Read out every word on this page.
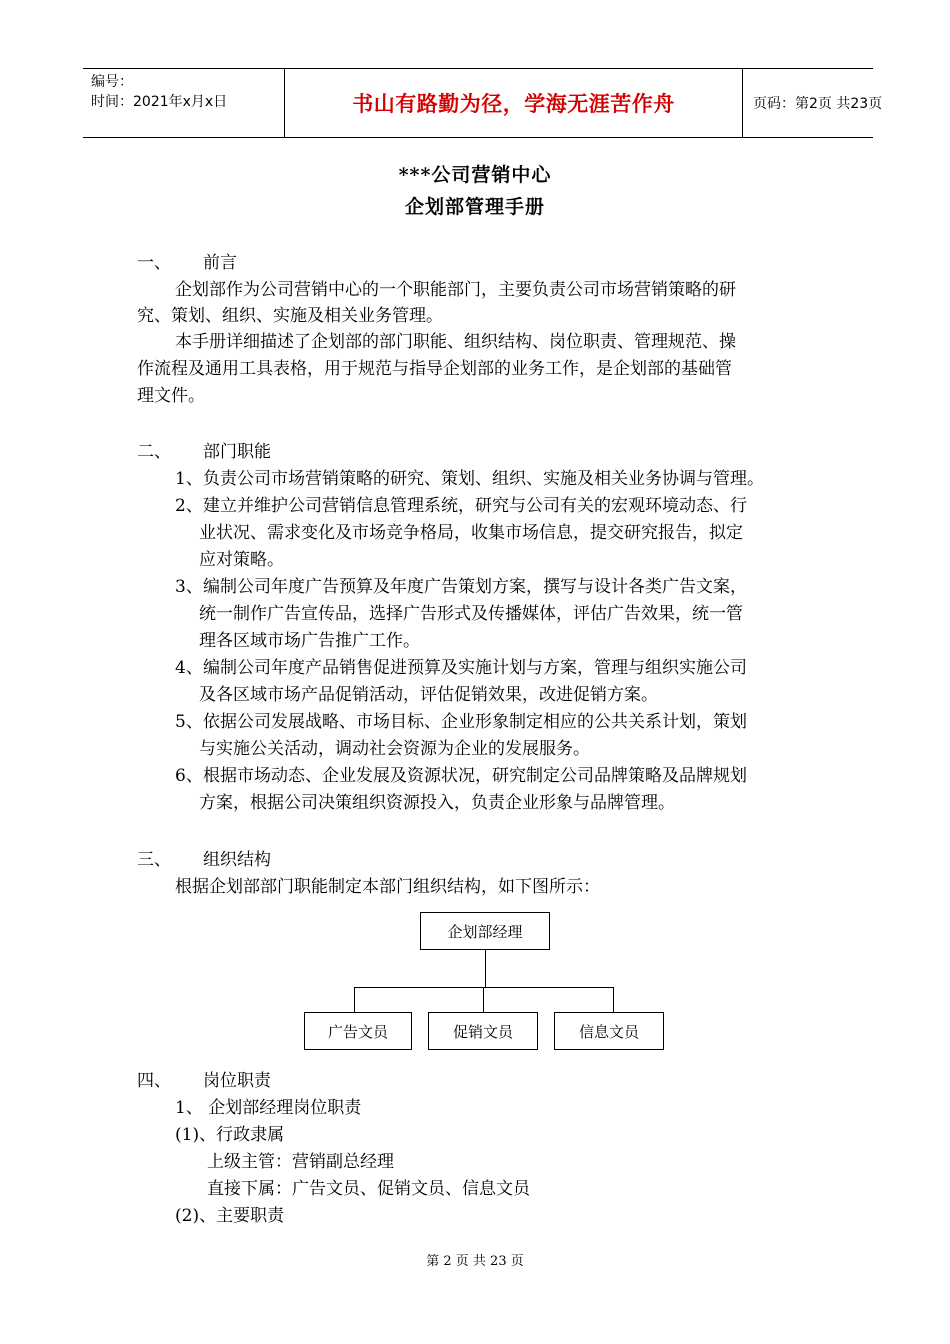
编号：
时间：2021年x月x日	书山有路勤为径，学海无涯苦作舟	页码：第2页 共23页
***公司营销中心
企划部管理手册
一、 前言
企划部作为公司营销中心的一个职能部门，主要负责公司市场营销策略的研
究、策划、组织、实施及相关业务管理。
本手册详细描述了企划部的部门职能、组织结构、岗位职责、管理规范、操
作流程及通用工具表格，用于规范与指导企划部的业务工作，是企划部的基础管
理文件。
二、 部门职能
1、 负责公司市场营销策略的研究、策划、组织、实施及相关业务协调与管理。
2、 建立并维护公司营销信息管理系统，研究与公司有关的宏观环境动态、行
业状况、需求变化及市场竞争格局，收集市场信息，提交研究报告，拟定
应对策略。
3、 编制公司年度广告预算及年度广告策划方案，撰写与设计各类广告文案，
统一制作广告宣传品，选择广告形式及传播媒体，评估广告效果，统一管
理各区域市场广告推广工作。
4、 编制公司年度产品销售促进预算及实施计划与方案，管理与组织实施公司
及各区域市场产品促销活动，评估促销效果，改进促销方案。
5、 依据公司发展战略、市场目标、企业形象制定相应的公共关系计划，策划
与实施公关活动，调动社会资源为企业的发展服务。
6、 根据市场动态、企业发展及资源状况，研究制定公司品牌策略及品牌规划
方案，根据公司决策组织资源投入，负责企业形象与品牌管理。
三、 组织结构
根据企划部部门职能制定本部门组织结构，如下图所示：
企划部经理
广告文员	促销文员	信息文员
四、 岗位职责
1、 企划部经理岗位职责
(1)、行政隶属
上级主管：营销副总经理
直接下属：广告文员、促销文员、信息文员
(2)、主要职责
第 2 页 共 23 页
